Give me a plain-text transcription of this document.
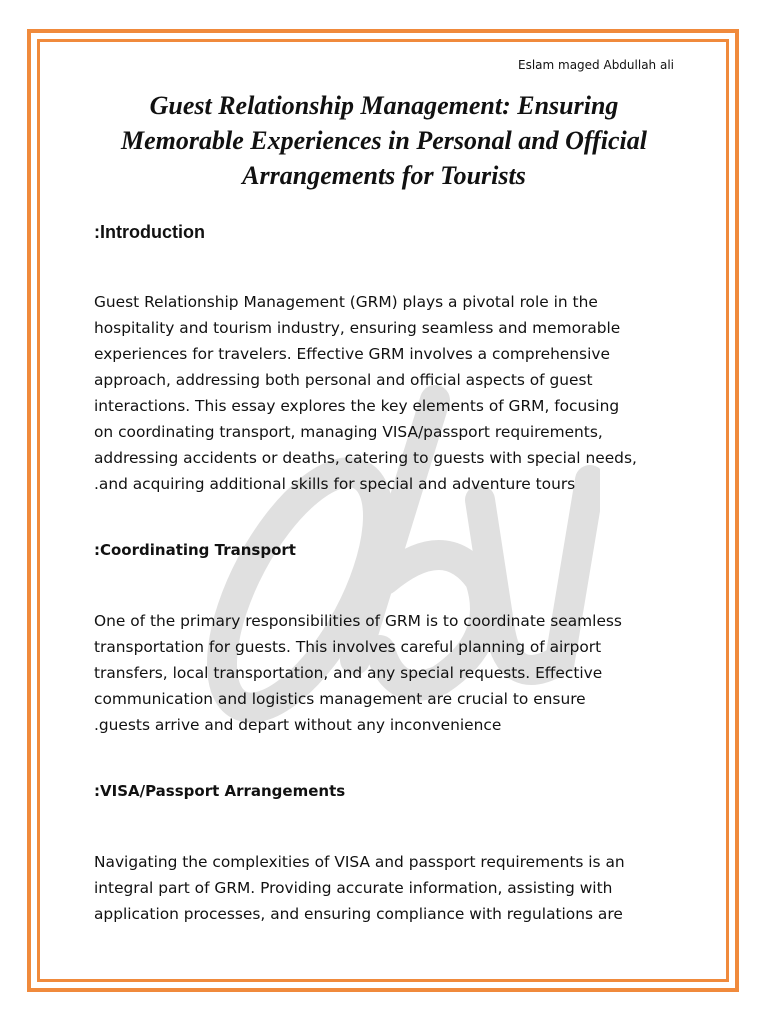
Eslam maged Abdullah ali
Guest Relationship Management: Ensuring
Memorable Experiences in Personal and Official
Arrangements for Tourists
:Introduction

Guest Relationship Management (GRM) plays a pivotal role in the
hospitality and tourism industry, ensuring seamless and memorable
experiences for travelers. Effective GRM involves a comprehensive
approach, addressing both personal and official aspects of guest
interactions. This essay explores the key elements of GRM, focusing
on coordinating transport, managing VISA/passport requirements,
addressing accidents or deaths, catering to guests with special needs,
.and acquiring additional skills for special and adventure tours

:Coordinating Transport

One of the primary responsibilities of GRM is to coordinate seamless
transportation for guests. This involves careful planning of airport
transfers, local transportation, and any special requests. Effective
communication and logistics management are crucial to ensure
.guests arrive and depart without any inconvenience

:VISA/Passport Arrangements

Navigating the complexities of VISA and passport requirements is an
integral part of GRM. Providing accurate information, assisting with
application processes, and ensuring compliance with regulations are
